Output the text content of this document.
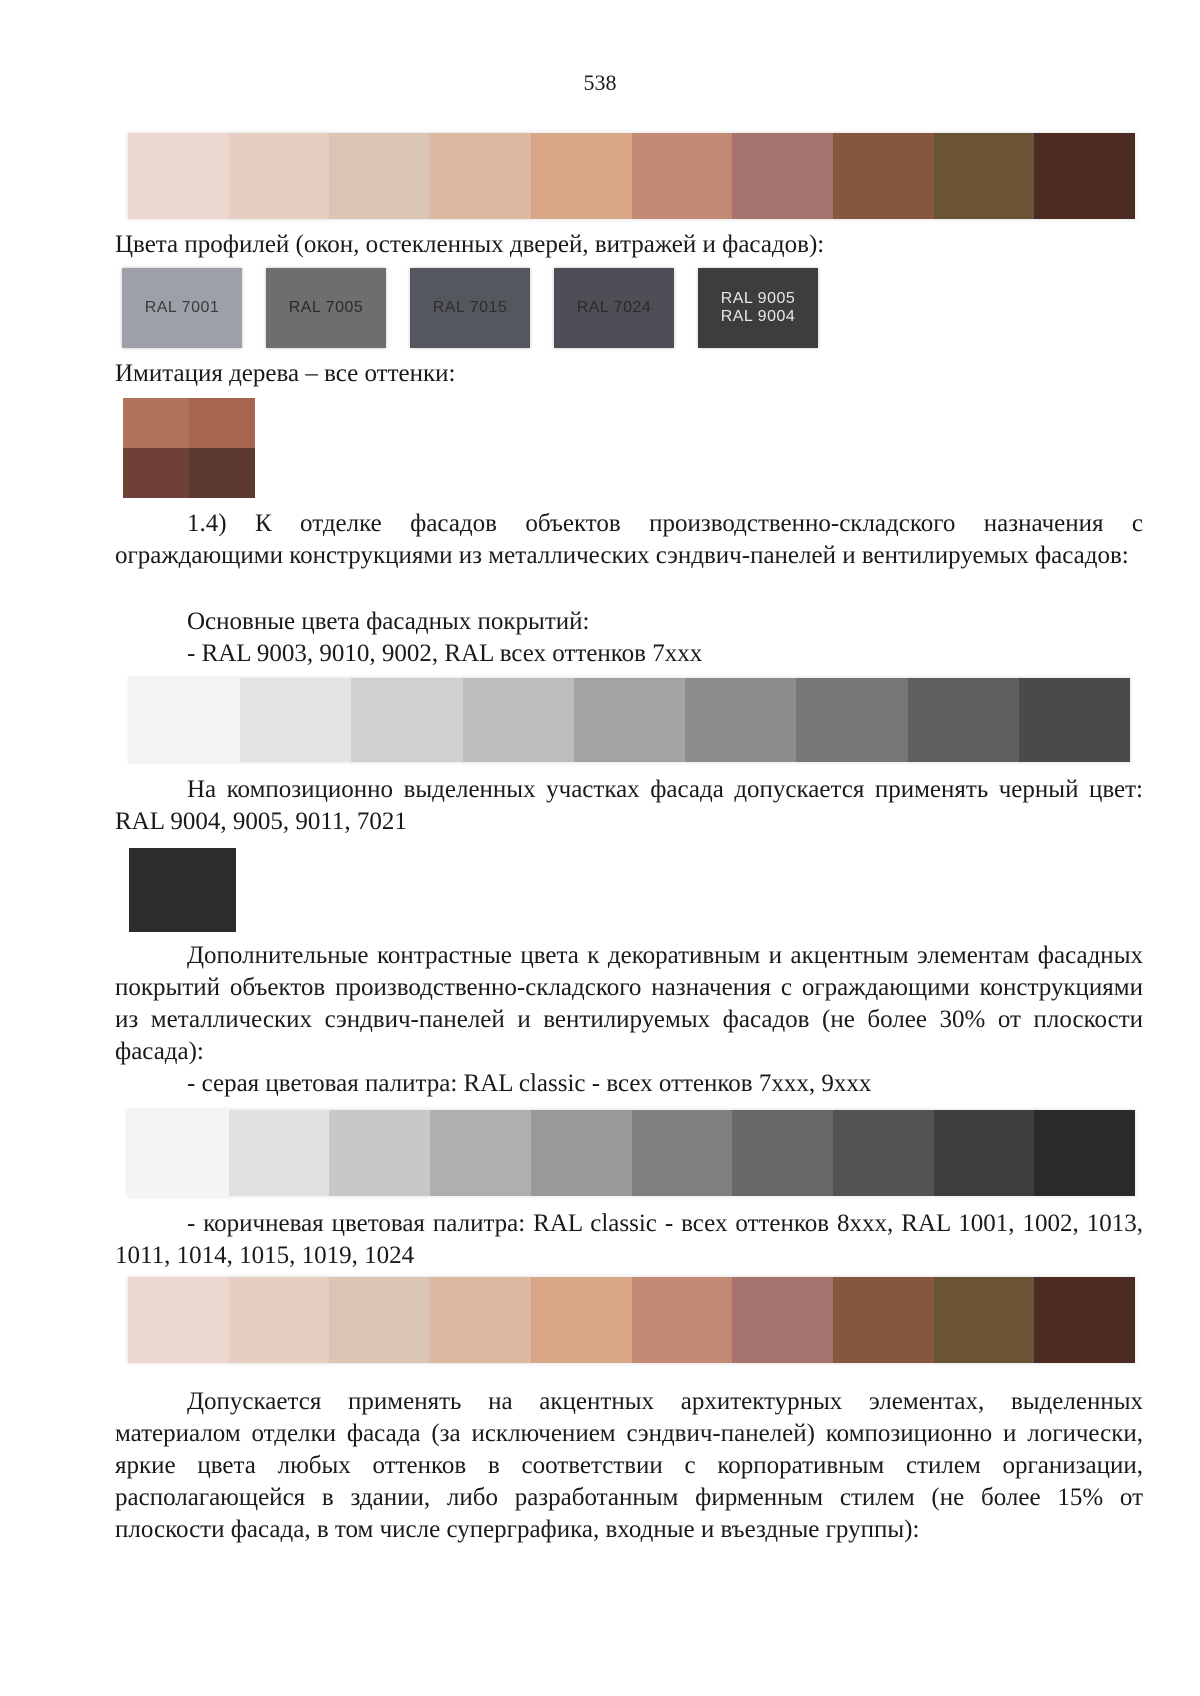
538
Цвета профилей (окон, остекленных дверей, витражей и фасадов):
RAL 7001	RAL 7005	RAL 7015	RAL 7024
RAL 9005
RAL 9004
Имитация дерева – все оттенки:
1.4) К отделке фасадов объектов производственно-складского назначения с ограждающими конструкциями из металлических сэндвич-панелей и вентилируемых фасадов:
Основные цвета фасадных покрытий:
- RAL 9003, 9010, 9002, RAL всех оттенков 7ххх
На композиционно выделенных участках фасада допускается применять черный цвет: RAL 9004, 9005, 9011, 7021
Дополнительные контрастные цвета к декоративным и акцентным элементам фасадных покрытий объектов производственно-складского назначения с ограждающими конструкциями из металлических сэндвич-панелей и вентилируемых фасадов (не более 30% от плоскости фасада):
- серая цветовая палитра: RAL classic - всех оттенков 7ххх, 9ххх
- коричневая цветовая палитра: RAL classic - всех оттенков 8ххх, RAL 1001, 1002, 1013, 1011, 1014, 1015, 1019, 1024
Допускается применять на акцентных архитектурных элементах, выделенных материалом отделки фасада (за исключением сэндвич-панелей) композиционно и логически, яркие цвета любых оттенков в соответствии с корпоративным стилем организации, располагающейся в здании, либо разработанным фирменным стилем (не более 15% от плоскости фасада, в том числе суперграфика, входные и въездные группы):
